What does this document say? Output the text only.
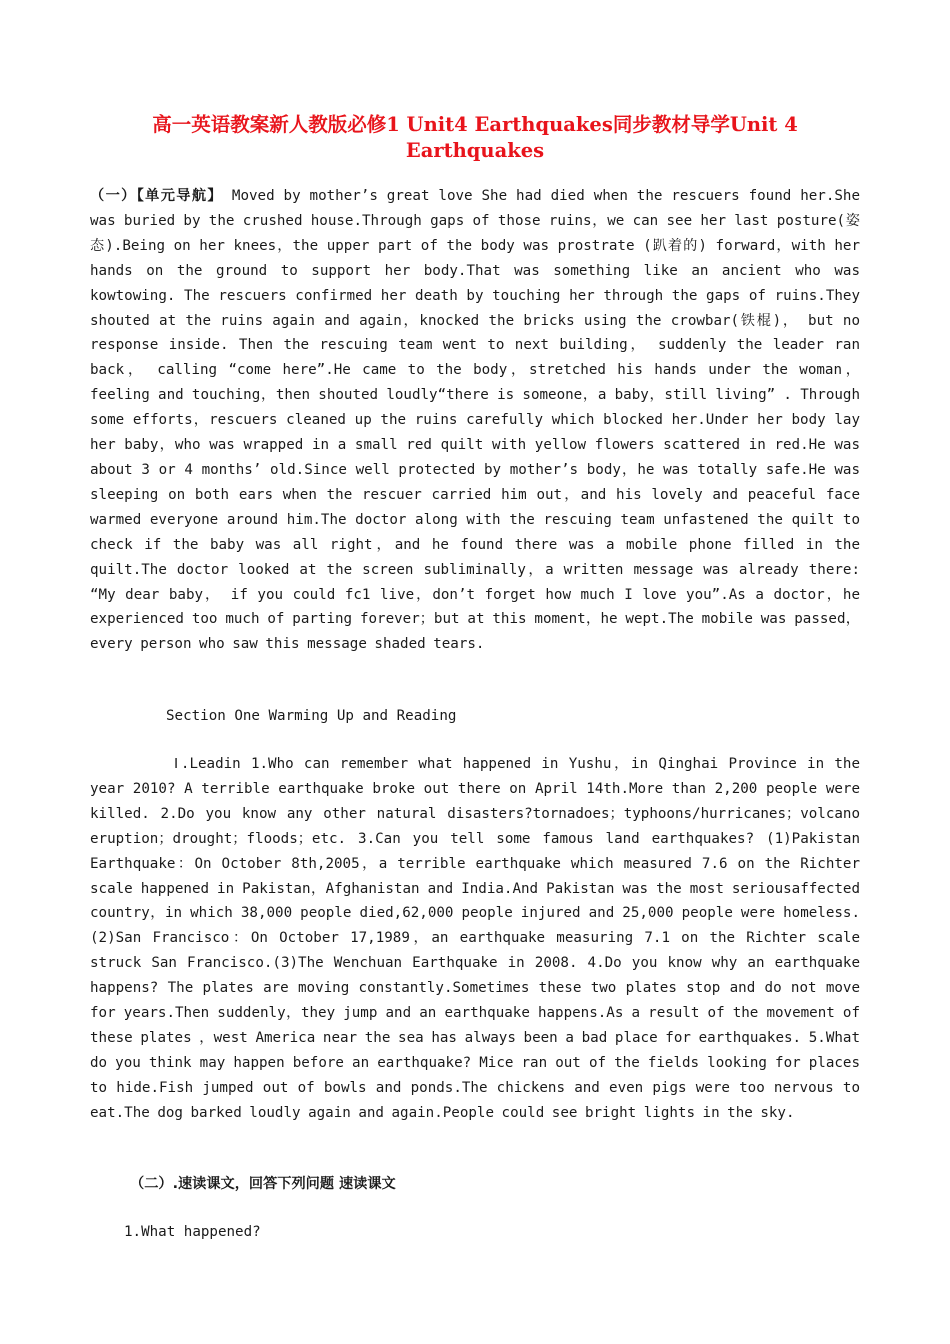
高一英语教案新人教版必修1 Unit4 Earthquakes同步教材导学Unit 4 Earthquakes
（一）【单元导航】 Moved by mother’s great love She had died when the rescuers found her.She was buried by the crushed house.Through gaps of those ruins，we can see her last posture(姿态).Being on her knees，the upper part of the body was prostrate (趴着的) forward，with her hands on the ground to support her body.That was something like an ancient who was kowtowing. The rescuers confirmed her death by touching her through the gaps of ruins.They shouted at the ruins again and again，knocked the bricks using the crowbar(铁棍)， but no response inside. Then the rescuing team went to next building， suddenly the leader ran back， calling “come here”.He came to the body，stretched his hands under the woman， feeling and touching，then shouted loudly“there is someone，a baby，still living” . Through some efforts，rescuers cleaned up the ruins carefully which blocked her.Under her body lay her baby，who was wrapped in a small red quilt with yellow flowers scattered in red.He was about 3 or 4 months’ old.Since well protected by mother’s body，he was totally safe.He was sleeping on both ears when the rescuer carried him out，and his lovely and peaceful face warmed everyone around him.The doctor along with the rescuing team unfastened the quilt to check if the baby was all right，and he found there was a mobile phone filled in the quilt.The doctor looked at the screen subliminally，a written message was already there: “My dear baby， if you could fc1 live，don’t forget how much I love you”.As a doctor，he experienced too much of parting forever；but at this moment，he wept.The mobile was passed， every person who saw this message shaded tears.
Section One Warming Up and Reading
Ⅰ.Leadin 1.Who can remember what happened in Yushu，in Qinghai Province in the year 2010? A terrible earthquake broke out there on April 14th.More than 2,200 people were killed. 2.Do you know any other natural disasters?tornadoes；typhoons/hurricanes；volcano eruption；drought；floods；etc. 3.Can you tell some famous land earthquakes? (1)Pakistan Earthquake：On October 8th,2005，a terrible earthquake which measured 7.6 on the Richter scale happened in Pakistan，Afghanistan and India.And Pakistan was the most seriousaffected country，in which 38,000 people died,62,000 people injured and 25,000 people were homeless.(2)San Francisco：On October 17,1989，an earthquake measuring 7.1 on the Richter scale struck San Francisco.(3)The Wenchuan Earthquake in 2008. 4.Do you know why an earthquake happens? The plates are moving constantly.Sometimes these two plates stop and do not move for years.Then suddenly，they jump and an earthquake happens.As a result of the movement of these plates ，west America near the sea has always been a bad place for earthquakes. 5.What do you think may happen before an earthquake? Mice ran out of the fields looking for places to hide.Fish jumped out of bowls and ponds.The chickens and even pigs were too nervous to eat.The dog barked loudly again and again.People could see bright lights in the sky.
（二）.速读课文，回答下列问题 速读课文
1.What happened?
